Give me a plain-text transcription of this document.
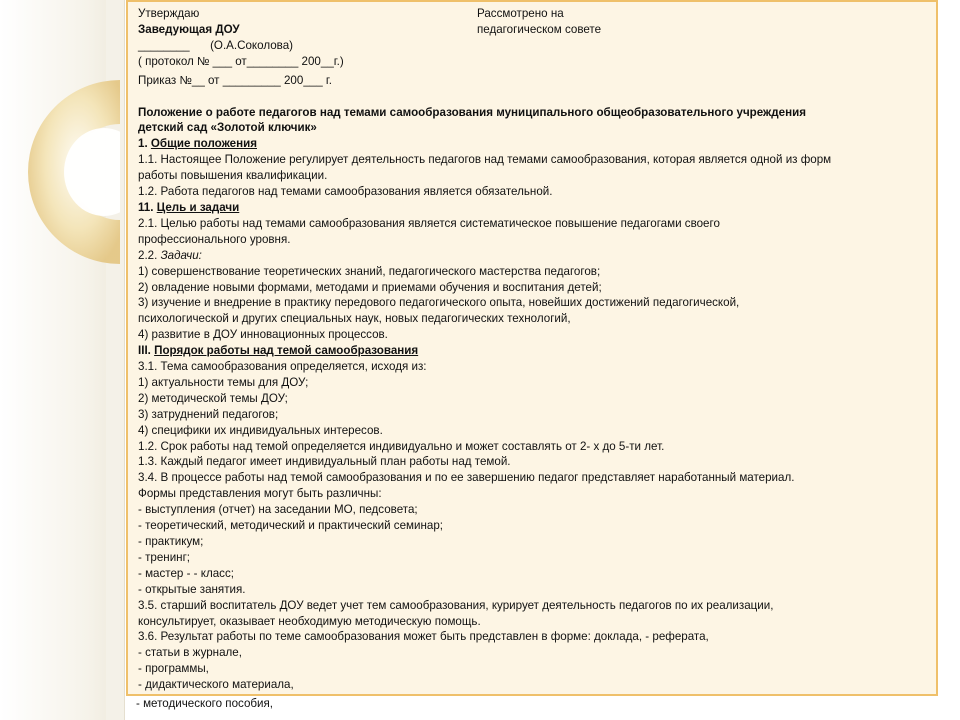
Утверждаю	Рассмотрено на
Заведующая ДОУ	педагогическом совете
________ (О.А.Соколова)
( протокол № ___ от________ 200__г.)
Приказ №__ от _________ 200___ г.
Положение о работе педагогов над темами самообразования муниципального общеобразовательного учреждения
детский сад «Золотой ключик»
1. Общие положения
1.1. Настоящее Положение регулирует деятельность педагогов над темами самообразования, которая является одной из форм
работы повышения квалификации.
1.2. Работа педагогов над темами самообразования является обязательной.
11. Цель и задачи
2.1. Целью работы над темами самообразования является систематическое повышение педагогами своего
профессионального уровня.
2.2. Задачи:
1) совершенствование теоретических знаний, педагогического мастерства педагогов;
2) овладение новыми формами, методами и приемами обучения и воспитания детей;
3) изучение и внедрение в практику передового педагогического опыта, новейших достижений педагогической,
психологической и других специальных наук, новых педагогических технологий,
4) развитие в ДОУ инновационных процессов.
III. Порядок работы над темой самообразования
3.1. Тема самообразования определяется, исходя из:
1) актуальности темы для ДОУ;
2) методической темы ДОУ;
3) затруднений педагогов;
4) специфики их индивидуальных интересов.
1.2. Срок работы над темой определяется индивидуально и может составлять от 2- х до 5-ти лет.
1.3. Каждый педагог имеет индивидуальный план работы над темой.
3.4. В процессе работы над темой самообразования и по ее завершению педагог представляет наработанный материал.
Формы представления могут быть различны:
- выступления (отчет) на заседании МО, педсовета;
- теоретический, методический и практический семинар;
- практикум;
- тренинг;
- мастер - - класс;
- открытые занятия.
3.5. старший воспитатель ДОУ ведет учет тем самообразования, курирует деятельность педагогов по их реализации,
консультирует, оказывает необходимую методическую помощь.
3.6. Результат работы по теме самообразования может быть представлен в форме: доклада, - реферата,
- статьи в журнале,
- программы,
- дидактического материала,
- методического пособия,
